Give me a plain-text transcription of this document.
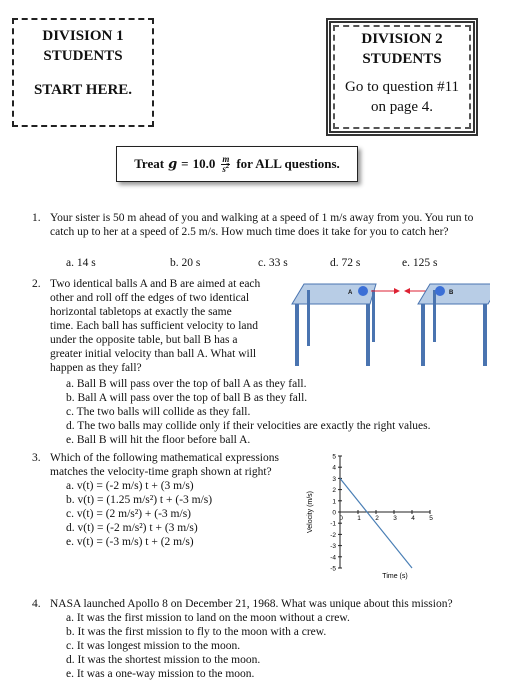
DIVISION 1
STUDENTS
START HERE.
DIVISION 2
STUDENTS
Go to question #11
on page 4.
Treat $g = 10.0 \frac{m}{s^2}$ for ALL questions.
1. Your sister is 50 m ahead of you and walking at a speed of 1 m/s away from you. You run to catch up to her at a speed of 2.5 m/s. How much time does it take for you to catch her?
a. 14 s	b. 20 s	c. 33 s	d. 72 s	e. 125 s
2. Two identical balls A and B are aimed at each
other and roll off the edges of two identical
horizontal tabletops at exactly the same
time. Each ball has sufficient velocity to land
under the opposite table, but ball B has a
greater initial velocity than ball A. What will
happen as they fall?
A	B
a. Ball B will pass over the top of ball A as they fall.
b. Ball A will pass over the top of ball B as they fall.
c. The two balls will collide as they fall.
d. The two balls may collide only if their velocities are exactly the right values.
e. Ball B will hit the floor before ball A.
3. Which of the following mathematical expressions
matches the velocity-time graph shown at right?
a. v(t) = (-2 m/s) t + (3 m/s)
b. v(t) = (1.25 m/s²) t + (-3 m/s)
c. v(t) = (2 m/s²) + (-3 m/s)
d. v(t) = (-2 m/s²) t + (3 m/s)
e. v(t) = (-3 m/s) t + (2 m/s)
5
4
3
2
1
0
-1
-2
-3
-4
-5
0 1 2 3 4 5
Time (s)
Velocity (m/s)
4. NASA launched Apollo 8 on December 21, 1968. What was unique about this mission?
a. It was the first mission to land on the moon without a crew.
b. It was the first mission to fly to the moon with a crew.
c. It was longest mission to the moon.
d. It was the shortest mission to the moon.
e. It was a one-way mission to the moon.
